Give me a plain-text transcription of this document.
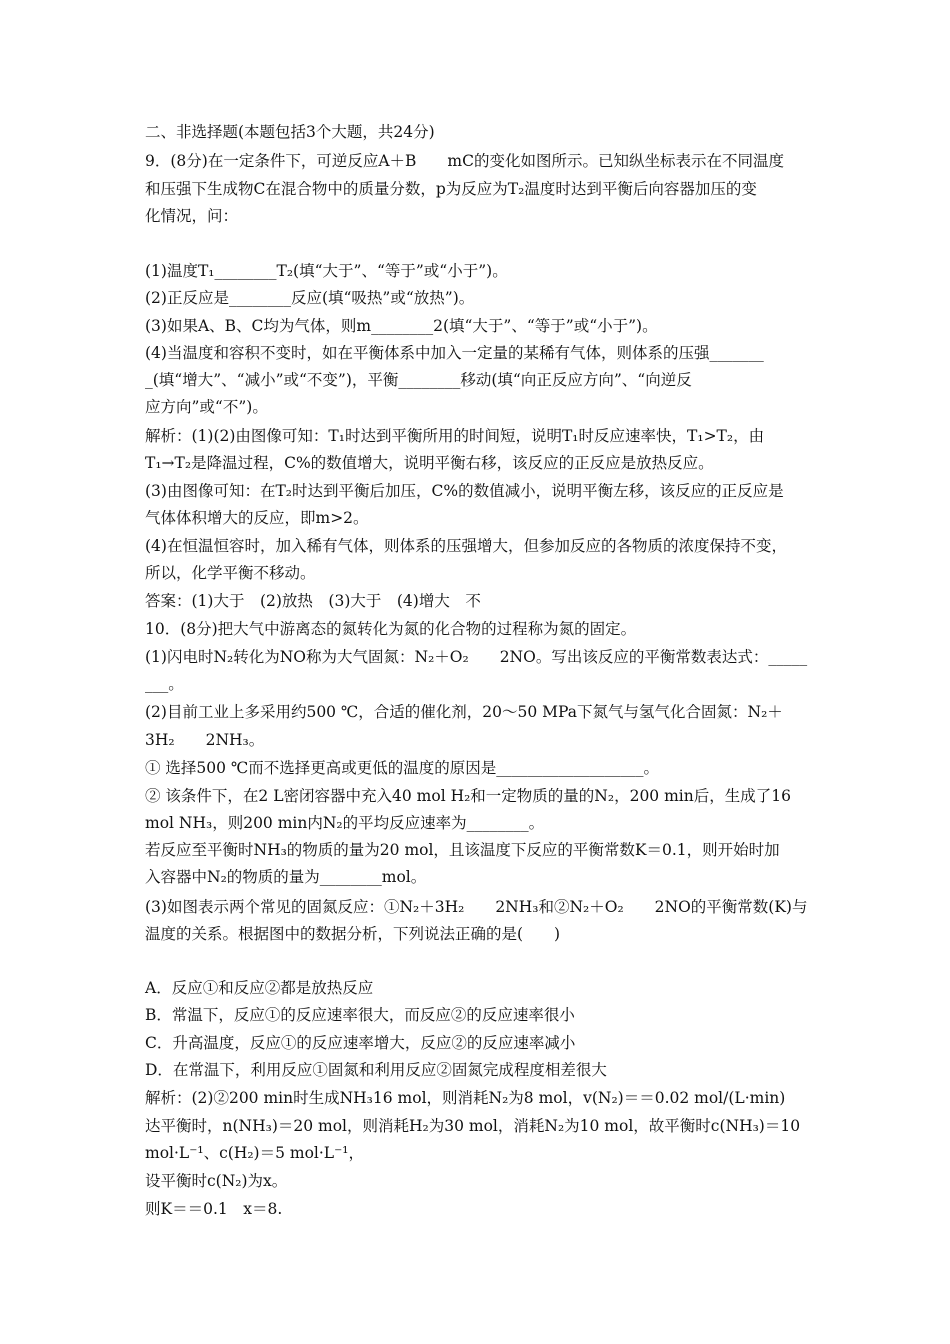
二、非选择题(本题包括3个大题，共24分)
9．(8分)在一定条件下，可逆反应A＋B　　mC的变化如图所示。已知纵坐标表示在不同温度
和压强下生成物C在混合物中的质量分数，p为反应为T₂温度时达到平衡后向容器加压的变
化情况，问：
(1)温度T₁________T₂(填“大于”、“等于”或“小于”)。
(2)正反应是________反应(填“吸热”或“放热”)。
(3)如果A、B、C均为气体，则m________2(填“大于”、“等于”或“小于”)。
(4)当温度和容积不变时，如在平衡体系中加入一定量的某稀有气体，则体系的压强_______
_(填“增大”、“减小”或“不变”)，平衡________移动(填“向正反应方向”、“向逆反
应方向”或“不”)。
解析：(1)(2)由图像可知：T₁时达到平衡所用的时间短，说明T₁时反应速率快，T₁>T₂，由
T₁→T₂是降温过程，C%的数值增大，说明平衡右移，该反应的正反应是放热反应。
(3)由图像可知：在T₂时达到平衡后加压，C%的数值减小，说明平衡左移，该反应的正反应是
气体体积增大的反应，即m>2。
(4)在恒温恒容时，加入稀有气体，则体系的压强增大，但参加反应的各物质的浓度保持不变，
所以，化学平衡不移动。
答案：(1)大于　(2)放热　(3)大于　(4)增大　不
10．(8分)把大气中游离态的氮转化为氮的化合物的过程称为氮的固定。
(1)闪电时N₂转化为NO称为大气固氮：N₂＋O₂　　2NO。写出该反应的平衡常数表达式：_____
___。
(2)目前工业上多采用约500 ℃，合适的催化剂，20～50 MPa下氮气与氢气化合固氮：N₂＋
3H₂　　2NH₃。
① 选择500 ℃而不选择更高或更低的温度的原因是___________________。
② 该条件下，在2 L密闭容器中充入40 mol H₂和一定物质的量的N₂，200 min后，生成了16
mol NH₃，则200 min内N₂的平均反应速率为________。
若反应至平衡时NH₃的物质的量为20 mol，且该温度下反应的平衡常数K＝0.1，则开始时加
入容器中N₂的物质的量为________mol。
(3)如图表示两个常见的固氮反应：①N₂＋3H₂　　2NH₃和②N₂＋O₂　　2NO的平衡常数(K)与
温度的关系。根据图中的数据分析，下列说法正确的是(　　)
A．反应①和反应②都是放热反应
B．常温下，反应①的反应速率很大，而反应②的反应速率很小
C．升高温度，反应①的反应速率增大，反应②的反应速率减小
D．在常温下，利用反应①固氮和利用反应②固氮完成程度相差很大
解析：(2)②200 min时生成NH₃16 mol，则消耗N₂为8 mol，v(N₂)＝＝0.02 mol/(L·min)
达平衡时，n(NH₃)＝20 mol，则消耗H₂为30 mol，消耗N₂为10 mol，故平衡时c(NH₃)＝10
mol·L⁻¹、c(H₂)＝5 mol·L⁻¹，
设平衡时c(N₂)为x。
则K＝＝0.1　x＝8.
